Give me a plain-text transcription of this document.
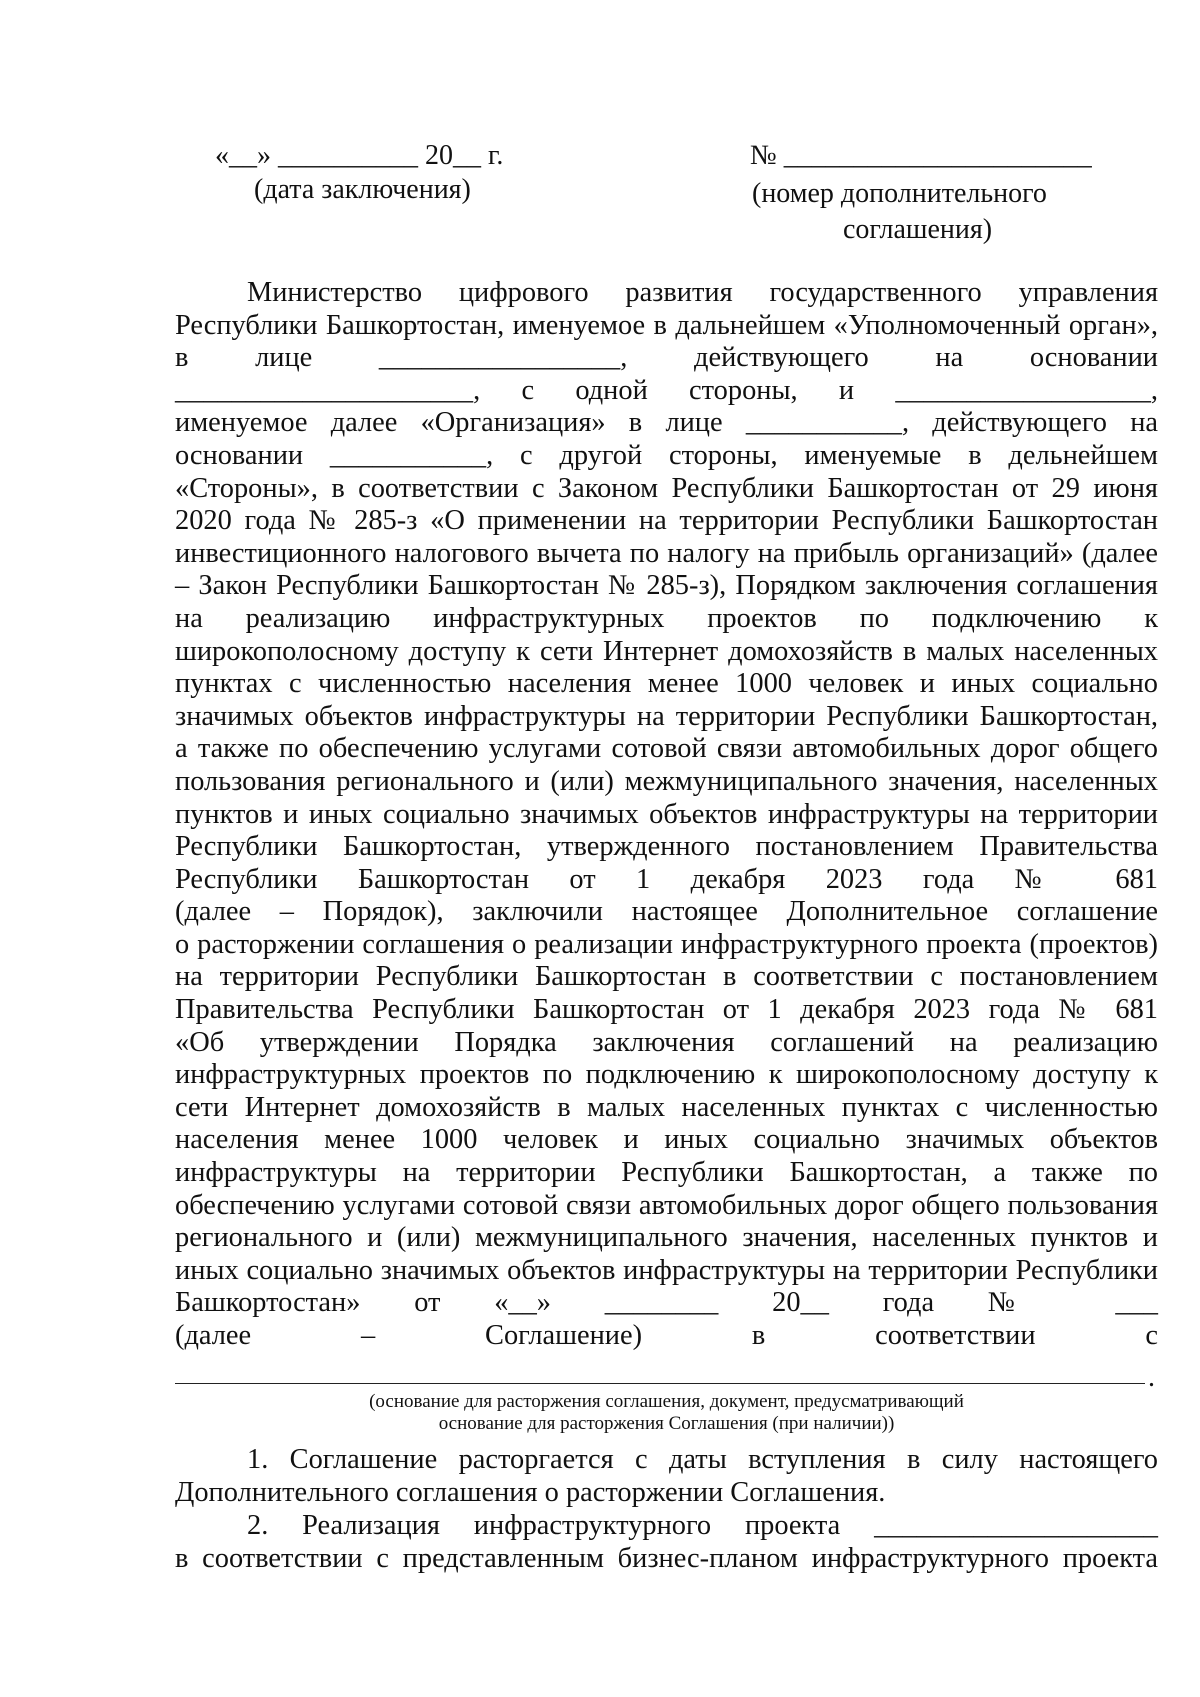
«__» __________ 20__ г.
(дата заключения)
№ ______________________
(номер дополнительного
соглашения)
Министерство цифрового развития государственного управления
Республики Башкортостан, именуемое в дальнейшем «Уполномоченный орган»,
в лице _________________, действующего на основании
_____________________, с одной стороны, и __________________,
именуемое далее «Организация» в лице ___________, действующего на
основании ___________, с другой стороны, именуемые в дельнейшем
«Стороны», в соответствии с Законом Республики Башкортостан от 29 июня
2020 года № 285-з «О применении на территории Республики Башкортостан
инвестиционного налогового вычета по налогу на прибыль организаций» (далее
– Закон Республики Башкортостан № 285-з), Порядком заключения соглашения
на реализацию инфраструктурных проектов по подключению к
широкополосному доступу к сети Интернет домохозяйств в малых населенных
пунктах с численностью населения менее 1000 человек и иных социально
значимых объектов инфраструктуры на территории Республики Башкортостан,
а также по обеспечению услугами сотовой связи автомобильных дорог общего
пользования регионального и (или) межмуниципального значения, населенных
пунктов и иных социально значимых объектов инфраструктуры на территории
Республики Башкортостан, утвержденного постановлением Правительства
Республики Башкортостан от 1 декабря 2023 года № 681
(далее – Порядок), заключили настоящее Дополнительное соглашение
о расторжении соглашения о реализации инфраструктурного проекта (проектов)
на территории Республики Башкортостан в соответствии с постановлением
Правительства Республики Башкортостан от 1 декабря 2023 года № 681
«Об утверждении Порядка заключения соглашений на реализацию
инфраструктурных проектов по подключению к широкополосному доступу к
сети Интернет домохозяйств в малых населенных пунктах с численностью
населения менее 1000 человек и иных социально значимых объектов
инфраструктуры на территории Республики Башкортостан, а также по
обеспечению услугами сотовой связи автомобильных дорог общего пользования
регионального и (или) межмуниципального значения, населенных пунктов и
иных социально значимых объектов инфраструктуры на территории Республики
Башкортостан» от «__» ________ 20__ года № ___
(далее – Соглашение) в соответствии с
.
(основание для расторжения соглашения, документ, предусматривающий
основание для расторжения Соглашения (при наличии))
1. Соглашение расторгается с даты вступления в силу настоящего
Дополнительного соглашения о расторжении Соглашения.
2. Реализация инфраструктурного проекта ____________________
в соответствии с представленным бизнес-планом инфраструктурного проекта
